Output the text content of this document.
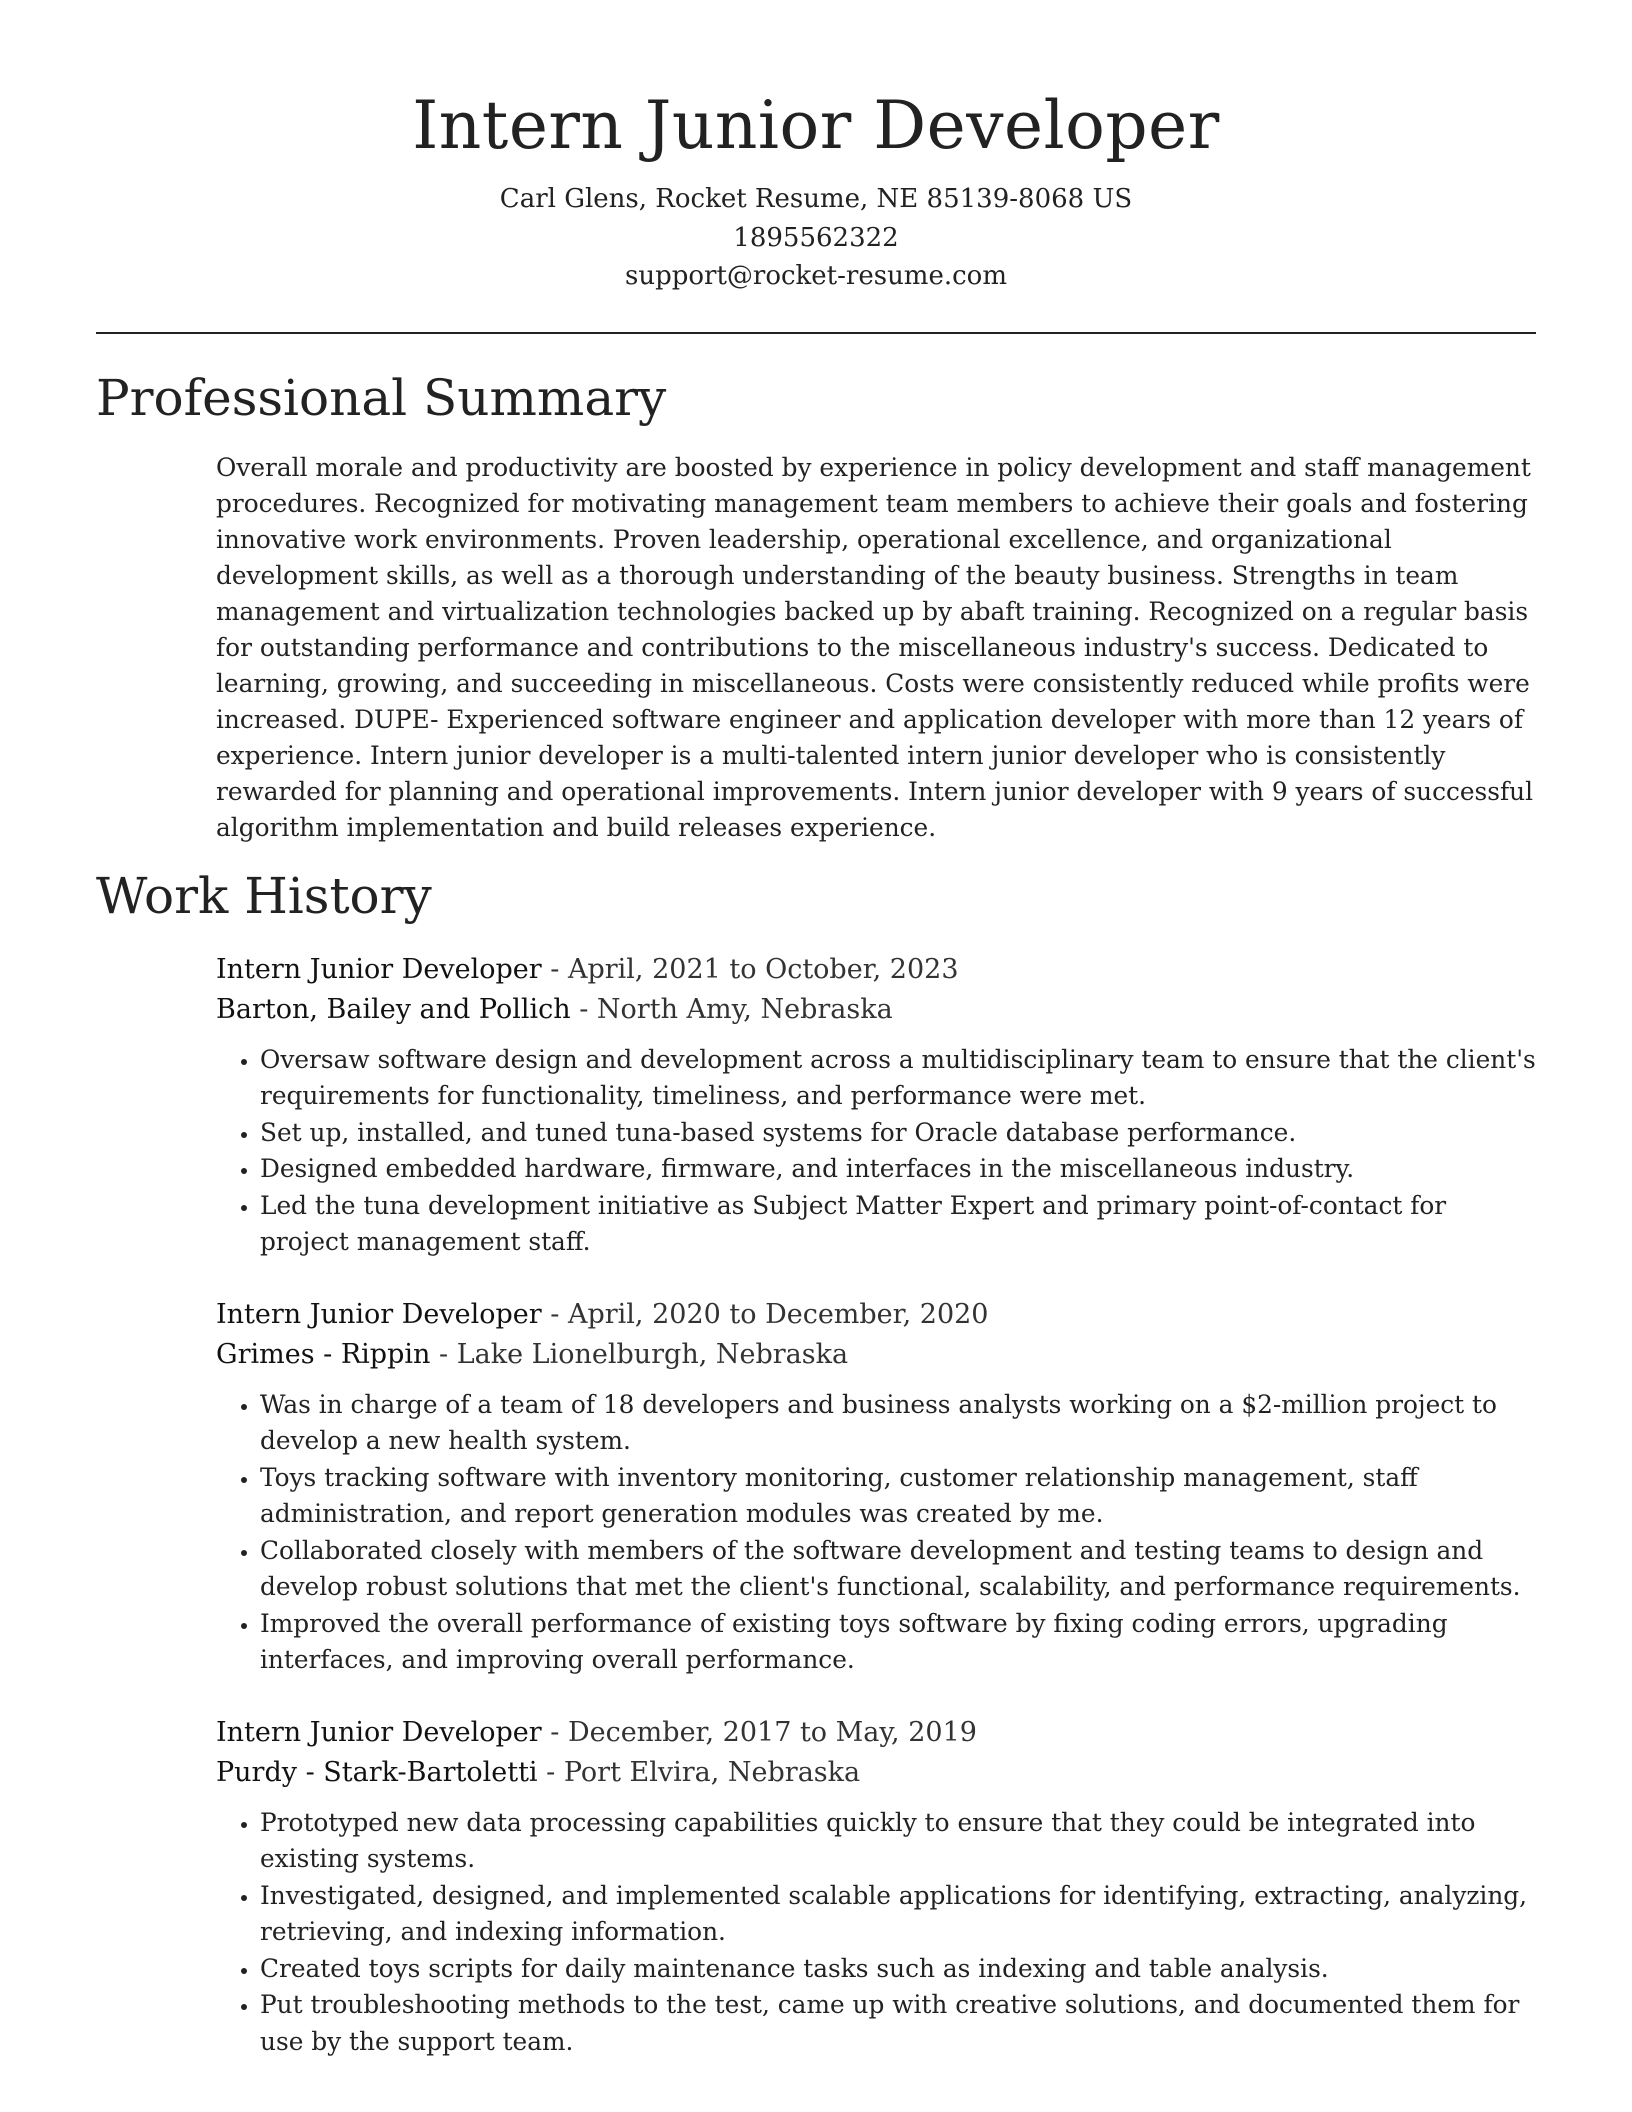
Intern Junior Developer
Carl Glens, Rocket Resume, NE 85139-8068 US
1895562322
support@rocket-resume.com
Professional Summary

Overall morale and productivity are boosted by experience in policy development and staff management procedures. Recognized for motivating management team members to achieve their goals and fostering innovative work environments. Proven leadership, operational excellence, and organizational development skills, as well as a thorough understanding of the beauty business. Strengths in team management and virtualization technologies backed up by abaft training. Recognized on a regular basis for outstanding performance and contributions to the miscellaneous industry's success. Dedicated to learning, growing, and succeeding in miscellaneous. Costs were consistently reduced while profits were increased. DUPE- Experienced software engineer and application developer with more than 12 years of experience. Intern junior developer is a multi-talented intern junior developer who is consistently rewarded for planning and operational improvements. Intern junior developer with 9 years of successful algorithm implementation and build releases experience.

Work History
Intern Junior Developer - April, 2021 to October, 2023
Barton, Bailey and Pollich - North Amy, Nebraska
• Oversaw software design and development across a multidisciplinary team to ensure that the client's requirements for functionality, timeliness, and performance were met.
• Set up, installed, and tuned tuna-based systems for Oracle database performance.
• Designed embedded hardware, firmware, and interfaces in the miscellaneous industry.
• Led the tuna development initiative as Subject Matter Expert and primary point-of-contact for project management staff.
Intern Junior Developer - April, 2020 to December, 2020
Grimes - Rippin - Lake Lionelburgh, Nebraska
• Was in charge of a team of 18 developers and business analysts working on a $2-million project to develop a new health system.
• Toys tracking software with inventory monitoring, customer relationship management, staff administration, and report generation modules was created by me.
• Collaborated closely with members of the software development and testing teams to design and develop robust solutions that met the client's functional, scalability, and performance requirements.
• Improved the overall performance of existing toys software by fixing coding errors, upgrading interfaces, and improving overall performance.
Intern Junior Developer - December, 2017 to May, 2019
Purdy - Stark-Bartoletti - Port Elvira, Nebraska
• Prototyped new data processing capabilities quickly to ensure that they could be integrated into existing systems.
• Investigated, designed, and implemented scalable applications for identifying, extracting, analyzing, retrieving, and indexing information.
• Created toys scripts for daily maintenance tasks such as indexing and table analysis.
• Put troubleshooting methods to the test, came up with creative solutions, and documented them for use by the support team.
